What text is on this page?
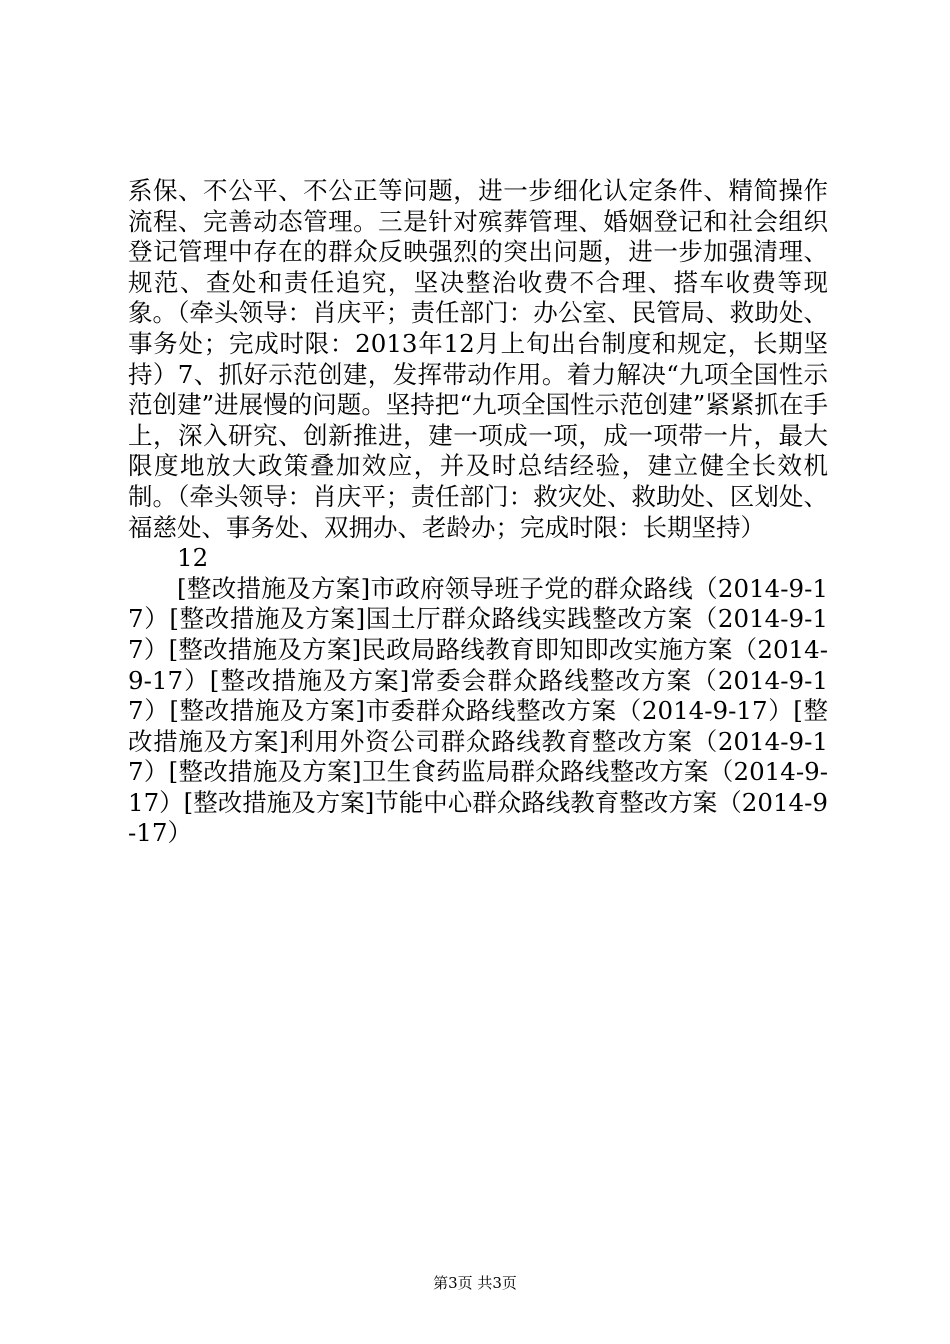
系保、不公平、不公正等问题，进一步细化认定条件、精简操作流程、完善动态管理。三是针对殡葬管理、婚姻登记和社会组织登记管理中存在的群众反映强烈的突出问题，进一步加强清理、规范、查处和责任追究，坚决整治收费不合理、搭车收费等现象。（牵头领导：肖庆平；责任部门：办公室、民管局、救助处、事务处；完成时限：2013年12月上旬出台制度和规定，长期坚持）7、抓好示范创建，发挥带动作用。着力解决“九项全国性示范创建”进展慢的问题。坚持把“九项全国性示范创建”紧紧抓在手上，深入研究、创新推进，建一项成一项，成一项带一片，最大限度地放大政策叠加效应，并及时总结经验，建立健全长效机制。（牵头领导：肖庆平；责任部门：救灾处、救助处、区划处、福慈处、事务处、双拥办、老龄办；完成时限：长期坚持）

12

[整改措施及方案]市政府领导班子党的群众路线（2014-9-17）[整改措施及方案]国土厅群众路线实践整改方案（2014-9-17）[整改措施及方案]民政局路线教育即知即改实施方案（2014-9-17）[整改措施及方案]常委会群众路线整改方案（2014-9-17）[整改措施及方案]市委群众路线整改方案（2014-9-17）[整改措施及方案]利用外资公司群众路线教育整改方案（2014-9-17）[整改措施及方案]卫生食药监局群众路线整改方案（2014-9-17）[整改措施及方案]节能中心群众路线教育整改方案（2014-9-17）

第3页 共3页
